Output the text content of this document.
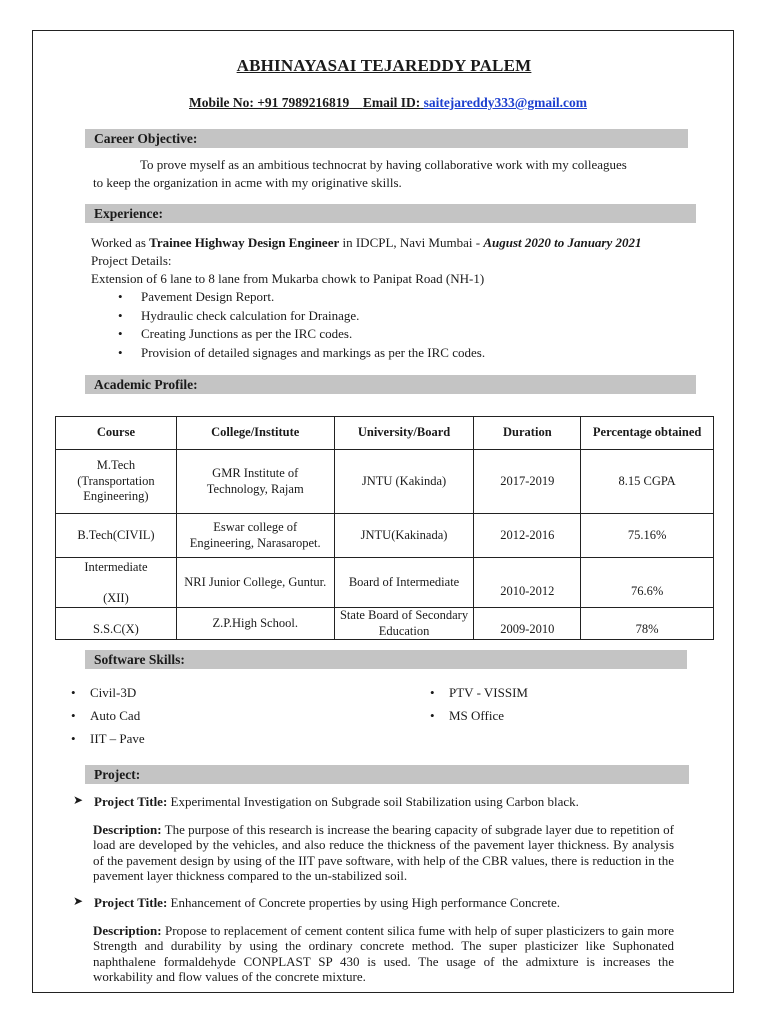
ABHINAYASAI TEJAREDDY PALEM
Mobile No: +91 7989216819 Email ID: saitejareddy333@gmail.com
Career Objective:
To prove myself as an ambitious technocrat by having collaborative work with my colleagues
to keep the organization in acme with my originative skills.
Experience:
Worked as Trainee Highway Design Engineer in IDCPL, Navi Mumbai - August 2020 to January 2021
Project Details:
Extension of 6 lane to 8 lane from Mukarba chowk to Panipat Road (NH-1)
• Pavement Design Report.
• Hydraulic check calculation for Drainage.
• Creating Junctions as per the IRC codes.
• Provision of detailed signages and markings as per the IRC codes.
Academic Profile:
Course	College/Institute	University/Board	Duration	Percentage obtained
M.Tech (Transportation Engineering)	GMR Institute of Technology, Rajam	JNTU (Kakinda)	2017-2019	8.15 CGPA
B.Tech(CIVIL)	Eswar college of Engineering, Narasaropet.	JNTU(Kakinada)	2012-2016	75.16%

Intermediate
(XII)	NRI Junior College, Guntur.	Board of Intermediate	2010-2012	76.6%
S.S.C(X)	Z.P.High School.	State Board of Secondary Education	2009-2010	78%
Software Skills:
• Civil-3D
• Auto Cad
• IIT – Pave
• PTV - VISSIM
• MS Office
Project:
➤ Project Title: Experimental Investigation on Subgrade soil Stabilization using Carbon black.
Description: The purpose of this research is increase the bearing capacity of subgrade layer due to repetition of load are developed by the vehicles, and also reduce the thickness of the pavement layer thickness. By analysis of the pavement design by using of the IIT pave software, with help of the CBR values, there is reduction in the pavement layer thickness compared to the un-stabilized soil.
➤ Project Title: Enhancement of Concrete properties by using High performance Concrete.
Description: Propose to replacement of cement content silica fume with help of super plasticizers to gain more Strength and durability by using the ordinary concrete method. The super plasticizer like Suphonated naphthalene formaldehyde CONPLAST SP 430 is used. The usage of the admixture is increases the workability and flow values of the concrete mixture.
